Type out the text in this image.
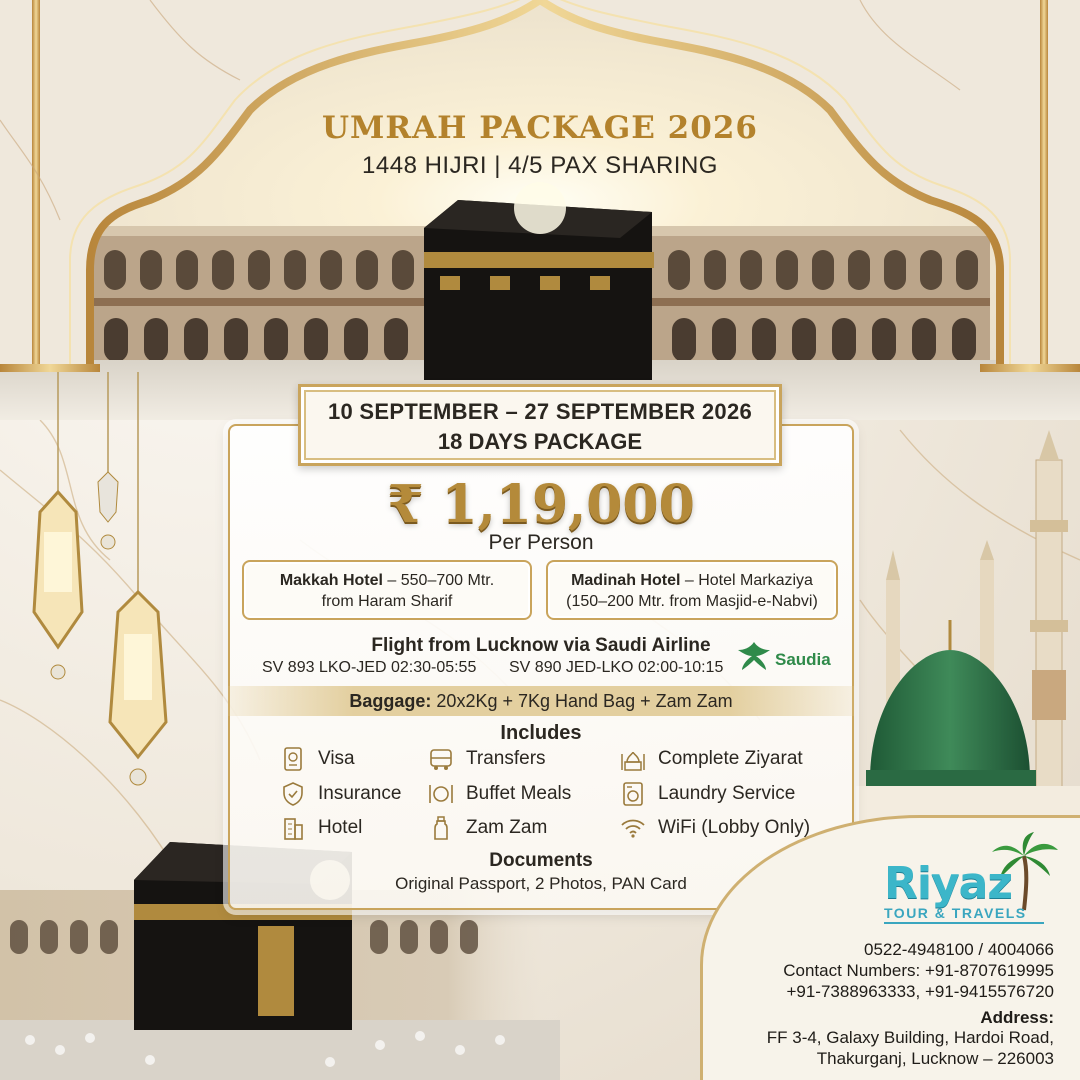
UMRAH PACKAGE 2026
1448 HIJRI | 4/5 PAX SHARING
10 SEPTEMBER – 27 SEPTEMBER 2026
18 DAYS PACKAGE
₹ 1,19,000
Per Person
Makkah Hotel – 550–700 Mtr.
from Haram Sharif
Madinah Hotel – Hotel Markaziya
(150–200 Mtr. from Masjid-e-Nabvi)
Flight from Lucknow via Saudi Airline
SV 893 LKO-JED 02:30-05:55 SV 890 JED-LKO 02:00-10:15	Saudia
Baggage: 20x2Kg + 7Kg Hand Bag + Zam Zam
Includes
Visa	Transfers	Complete Ziyarat
Insurance	Buffet Meals	Laundry Service
Hotel	Zam Zam	WiFi (Lobby Only)
Documents
Original Passport, 2 Photos, PAN Card	Riyaz
TOUR & TRAVELS
0522-4948100 / 4004066
Contact Numbers: +91-8707619995
+91-7388963333, +91-9415576720
Address:
FF 3-4, Galaxy Building, Hardoi Road,
Thakurganj, Lucknow – 226003
